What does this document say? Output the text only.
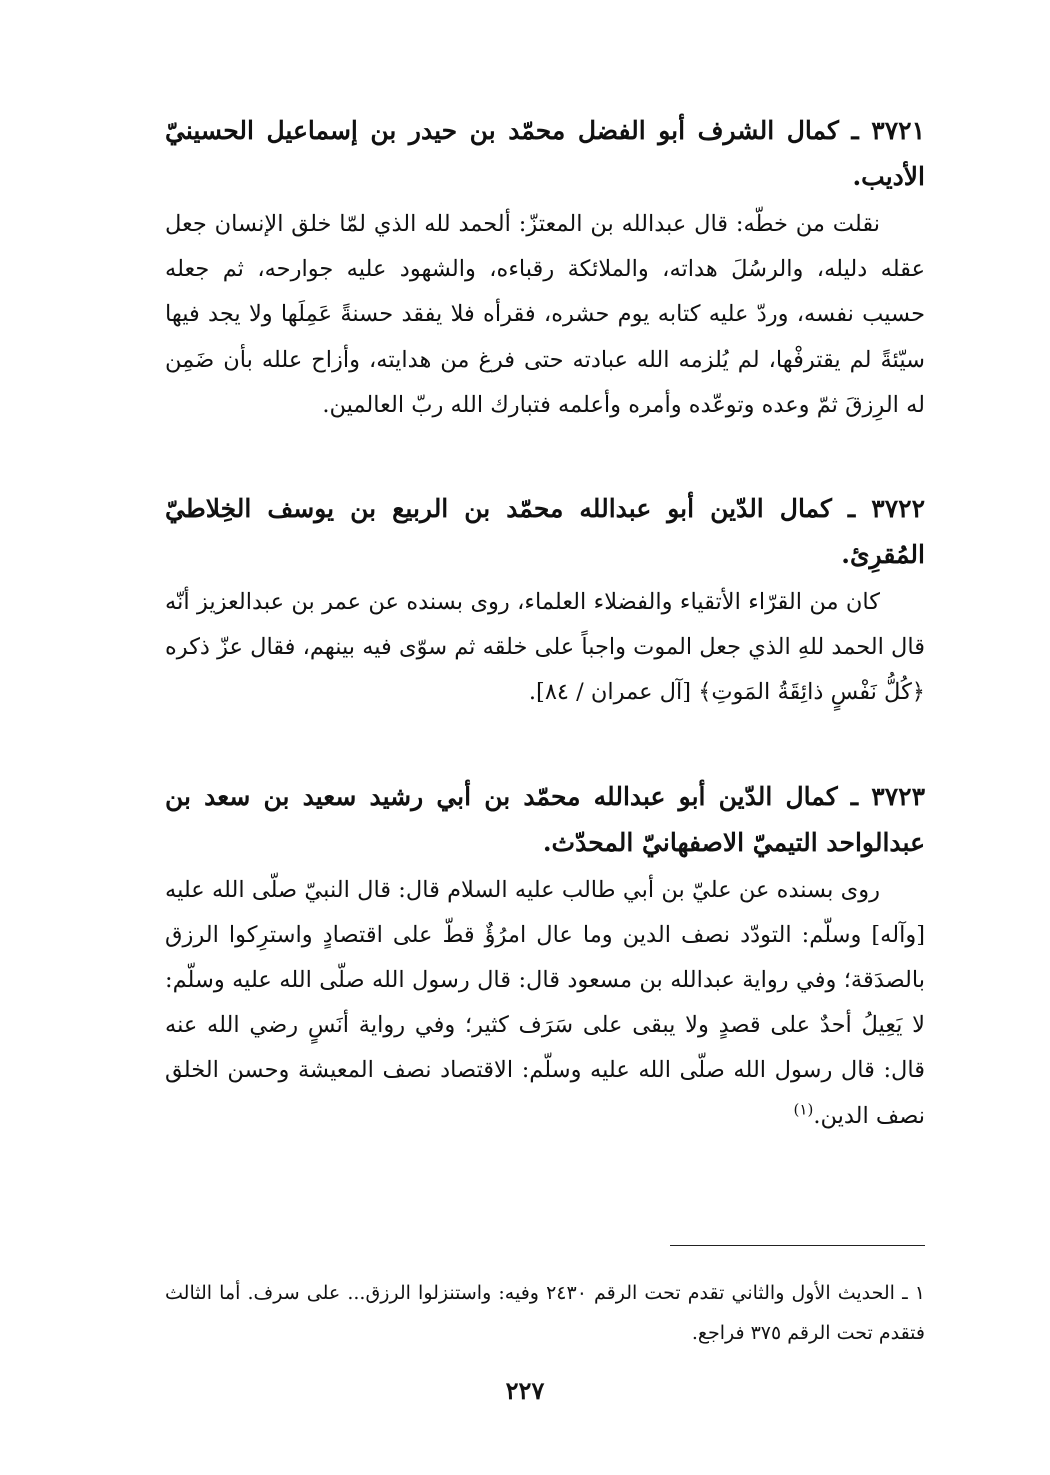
٣٧٢١ ـ كمال الشرف أبو الفضل محمّد بن حيدر بن إسماعيل الحسينيّ الأديب.

نقلت من خطّه: قال عبدالله بن المعتزّ: ألحمد لله الذي لمّا خلق الإنسان جعل عقله دليله، والرسُلَ هداته، والملائكة رقباءه، والشهود عليه جوارحه، ثم جعله حسيب نفسه، وردّ عليه كتابه يوم حشره، فقرأه فلا يفقد حسنةً عَمِلَها ولا يجد فيها سيّئةً لم يقترفْها، لم يُلزمه الله عبادته حتى فرغ من هدايته، وأزاح علله بأن ضَمِن له الرِزقَ ثمّ وعده وتوعّده وأمره وأعلمه فتبارك الله ربّ العالمين.

٣٧٢٢ ـ كمال الدّين أبو عبدالله محمّد بن الربيع بن يوسف الخِلاطيّ المُقرِئ.

كان من القرّاء الأتقياء والفضلاء العلماء، روى بسنده عن عمر بن عبدالعزيز أنّه قال الحمد للهِ الذي جعل الموت واجباً على خلقه ثم سوّى فيه بينهم، فقال عزّ ذكره ﴿كُلُّ نَفْسٍ ذائِقَةُ المَوتِ﴾ [آل عمران / ٨٤].

٣٧٢٣ ـ كمال الدّين أبو عبدالله محمّد بن أبي رشيد سعيد بن سعد بن عبدالواحد التيميّ الاصفهانيّ المحدّث.

روى بسنده عن عليّ بن أبي طالب عليه السلام قال: قال النبيّ صلّى الله عليه [وآله] وسلّم: التودّد نصف الدين وما عال امرُؤٌ قطّ على اقتصادٍ واسترِكوا الرزق بالصدَقة؛ وفي رواية عبدالله بن مسعود قال: قال رسول الله صلّى الله عليه وسلّم: لا يَعِيلُ أحدٌ على قصدٍ ولا يبقى على سَرَف كثير؛ وفي رواية أنَسٍ رضي الله عنه قال: قال رسول الله صلّى الله عليه وسلّم: الاقتصاد نصف المعيشة وحسن الخلق نصف الدين.$^{(١)}$

١ ـ الحديث الأول والثاني تقدم تحت الرقم ٢٤٣٠ وفيه: واستنزلوا الرزق... على سرف. أما الثالث فتقدم تحت الرقم ٣٧٥ فراجع.

٢٢٧
